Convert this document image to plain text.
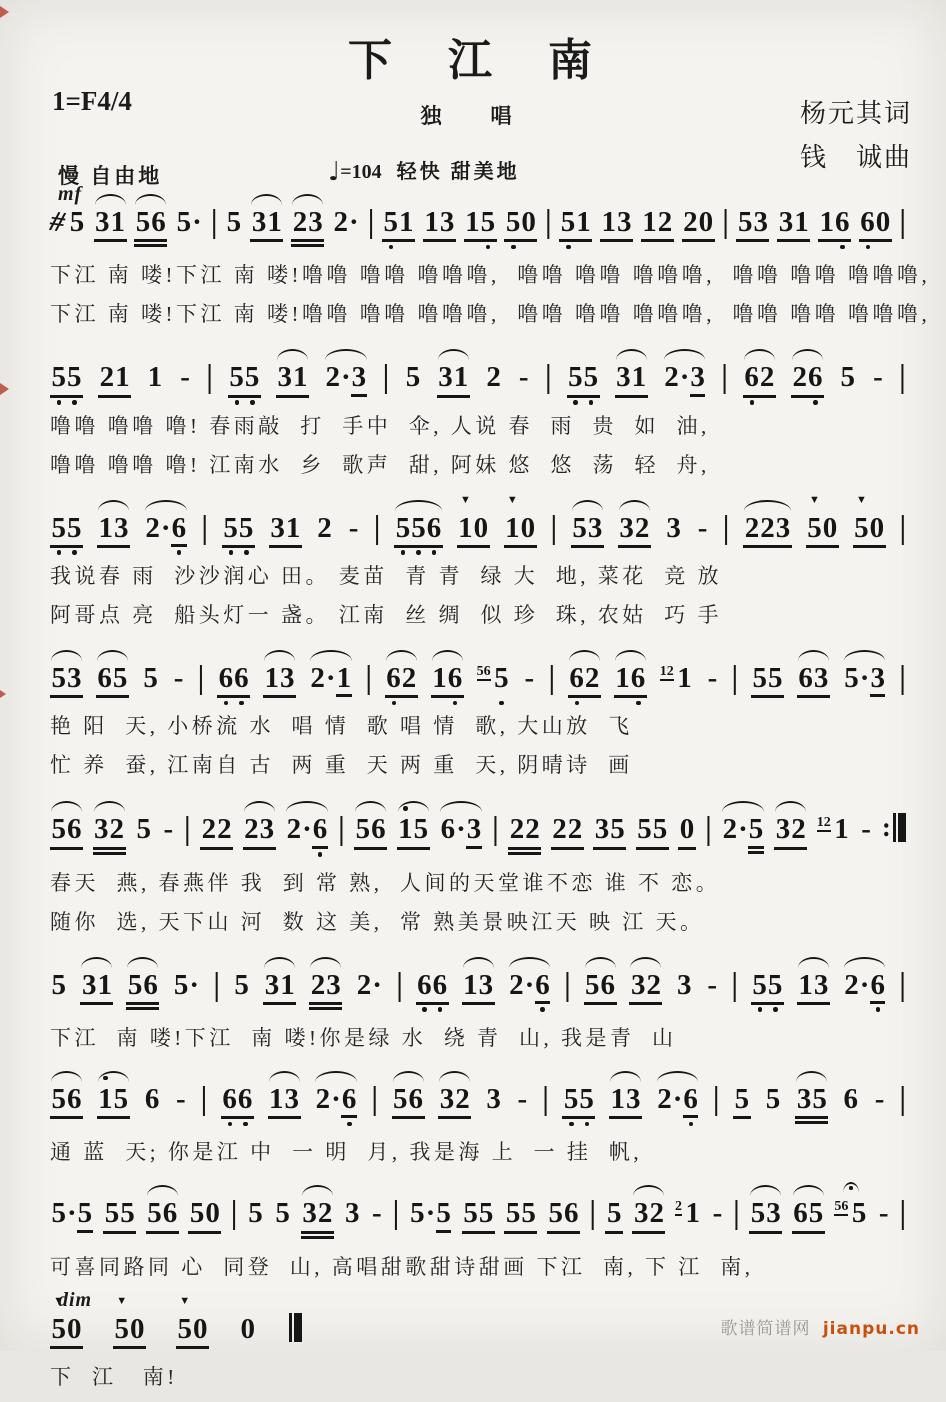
下　江　南
1=F4/4	独　唱	杨元其词
钱　诚曲
慢 自由地	♩=104 轻快 甜美地
mf
# 5 31 56 5· | 5 31 23 2· | 51 13 15 50 | 51 13 12 20 | 53 31 16 60 |
下江 南 喽!下江 南 喽!噜噜 噜噜 噜噜噜,  噜噜 噜噜 噜噜噜,  噜噜 噜噜 噜噜噜,
下江 南 喽!下江 南 喽!噜噜 噜噜 噜噜噜,  噜噜 噜噜 噜噜噜,  噜噜 噜噜 噜噜噜,
55 21 1 - | 55 31 2·3 | 5 31 2 - | 55 31 2·3 | 62 26 5 - |
噜噜 噜噜 噜! 春雨敲  打  手中  伞, 人说 春  雨  贵  如  油,
噜噜 噜噜 噜! 江南水  乡  歌声  甜, 阿妹 悠  悠  荡  轻  舟,
55 13 2·6 | 55 31 2 - | 556 ▼ 10 ▼ 10 | 53 32 3 - | 223 ▼ 50 ▼ 50 |
我说春 雨  沙沙润心 田。 麦苗  青 青  绿 大  地, 菜花  竞 放
阿哥点 亮  船头灯一 盏。 江南  丝 绸  似 珍  珠, 农姑  巧 手
53 65 5 - | 66 13 2·1 | 62 16 56 5 - | 62 16 12 1 - | 55 63 5·3 |
艳 阳  天, 小桥流 水  唱 情  歌 唱 情  歌, 大山放  飞
忙 养  蚕, 江南自 古  两 重  天 两 重  天, 阴晴诗  画
56 32 5 - | 22 23 2·6 | 56 15 6·3 | 22 22 35 55 0 | 2·5 32 12 1 - :
春天  燕, 春燕伴 我  到 常 熟,  人间的天堂谁不恋 谁 不 恋。
随你  选, 天下山 河  数 这 美,  常 熟美景映江天 映 江 天。
5 31 56 5· | 5 31 23 2· | 66 13 2·6 | 56 32 3 - | 55 13 2·6 |
下江  南 喽!下江  南 喽!你是绿 水  绕 青  山, 我是青  山
56 15 6 - | 66 13 2·6 | 56 32 3 - | 55 13 2·6 | 5 5 35 6 - |
通 蓝  天; 你是江 中  一 明  月, 我是海 上  一 挂  帆,
5·5 55 56 50 | 5 5 32 3 - | 5·5 55 55 56 | 5 32 2 1 - | 53 65 56 5 - |
可喜同路同 心  同登  山, 高唱甜歌甜诗甜画 下江  南, 下 江  南,
dim
▼ 50 ▼ 50 ▼ 50 0
下  江   南!
歌谱简谱网 jianpu.cn
